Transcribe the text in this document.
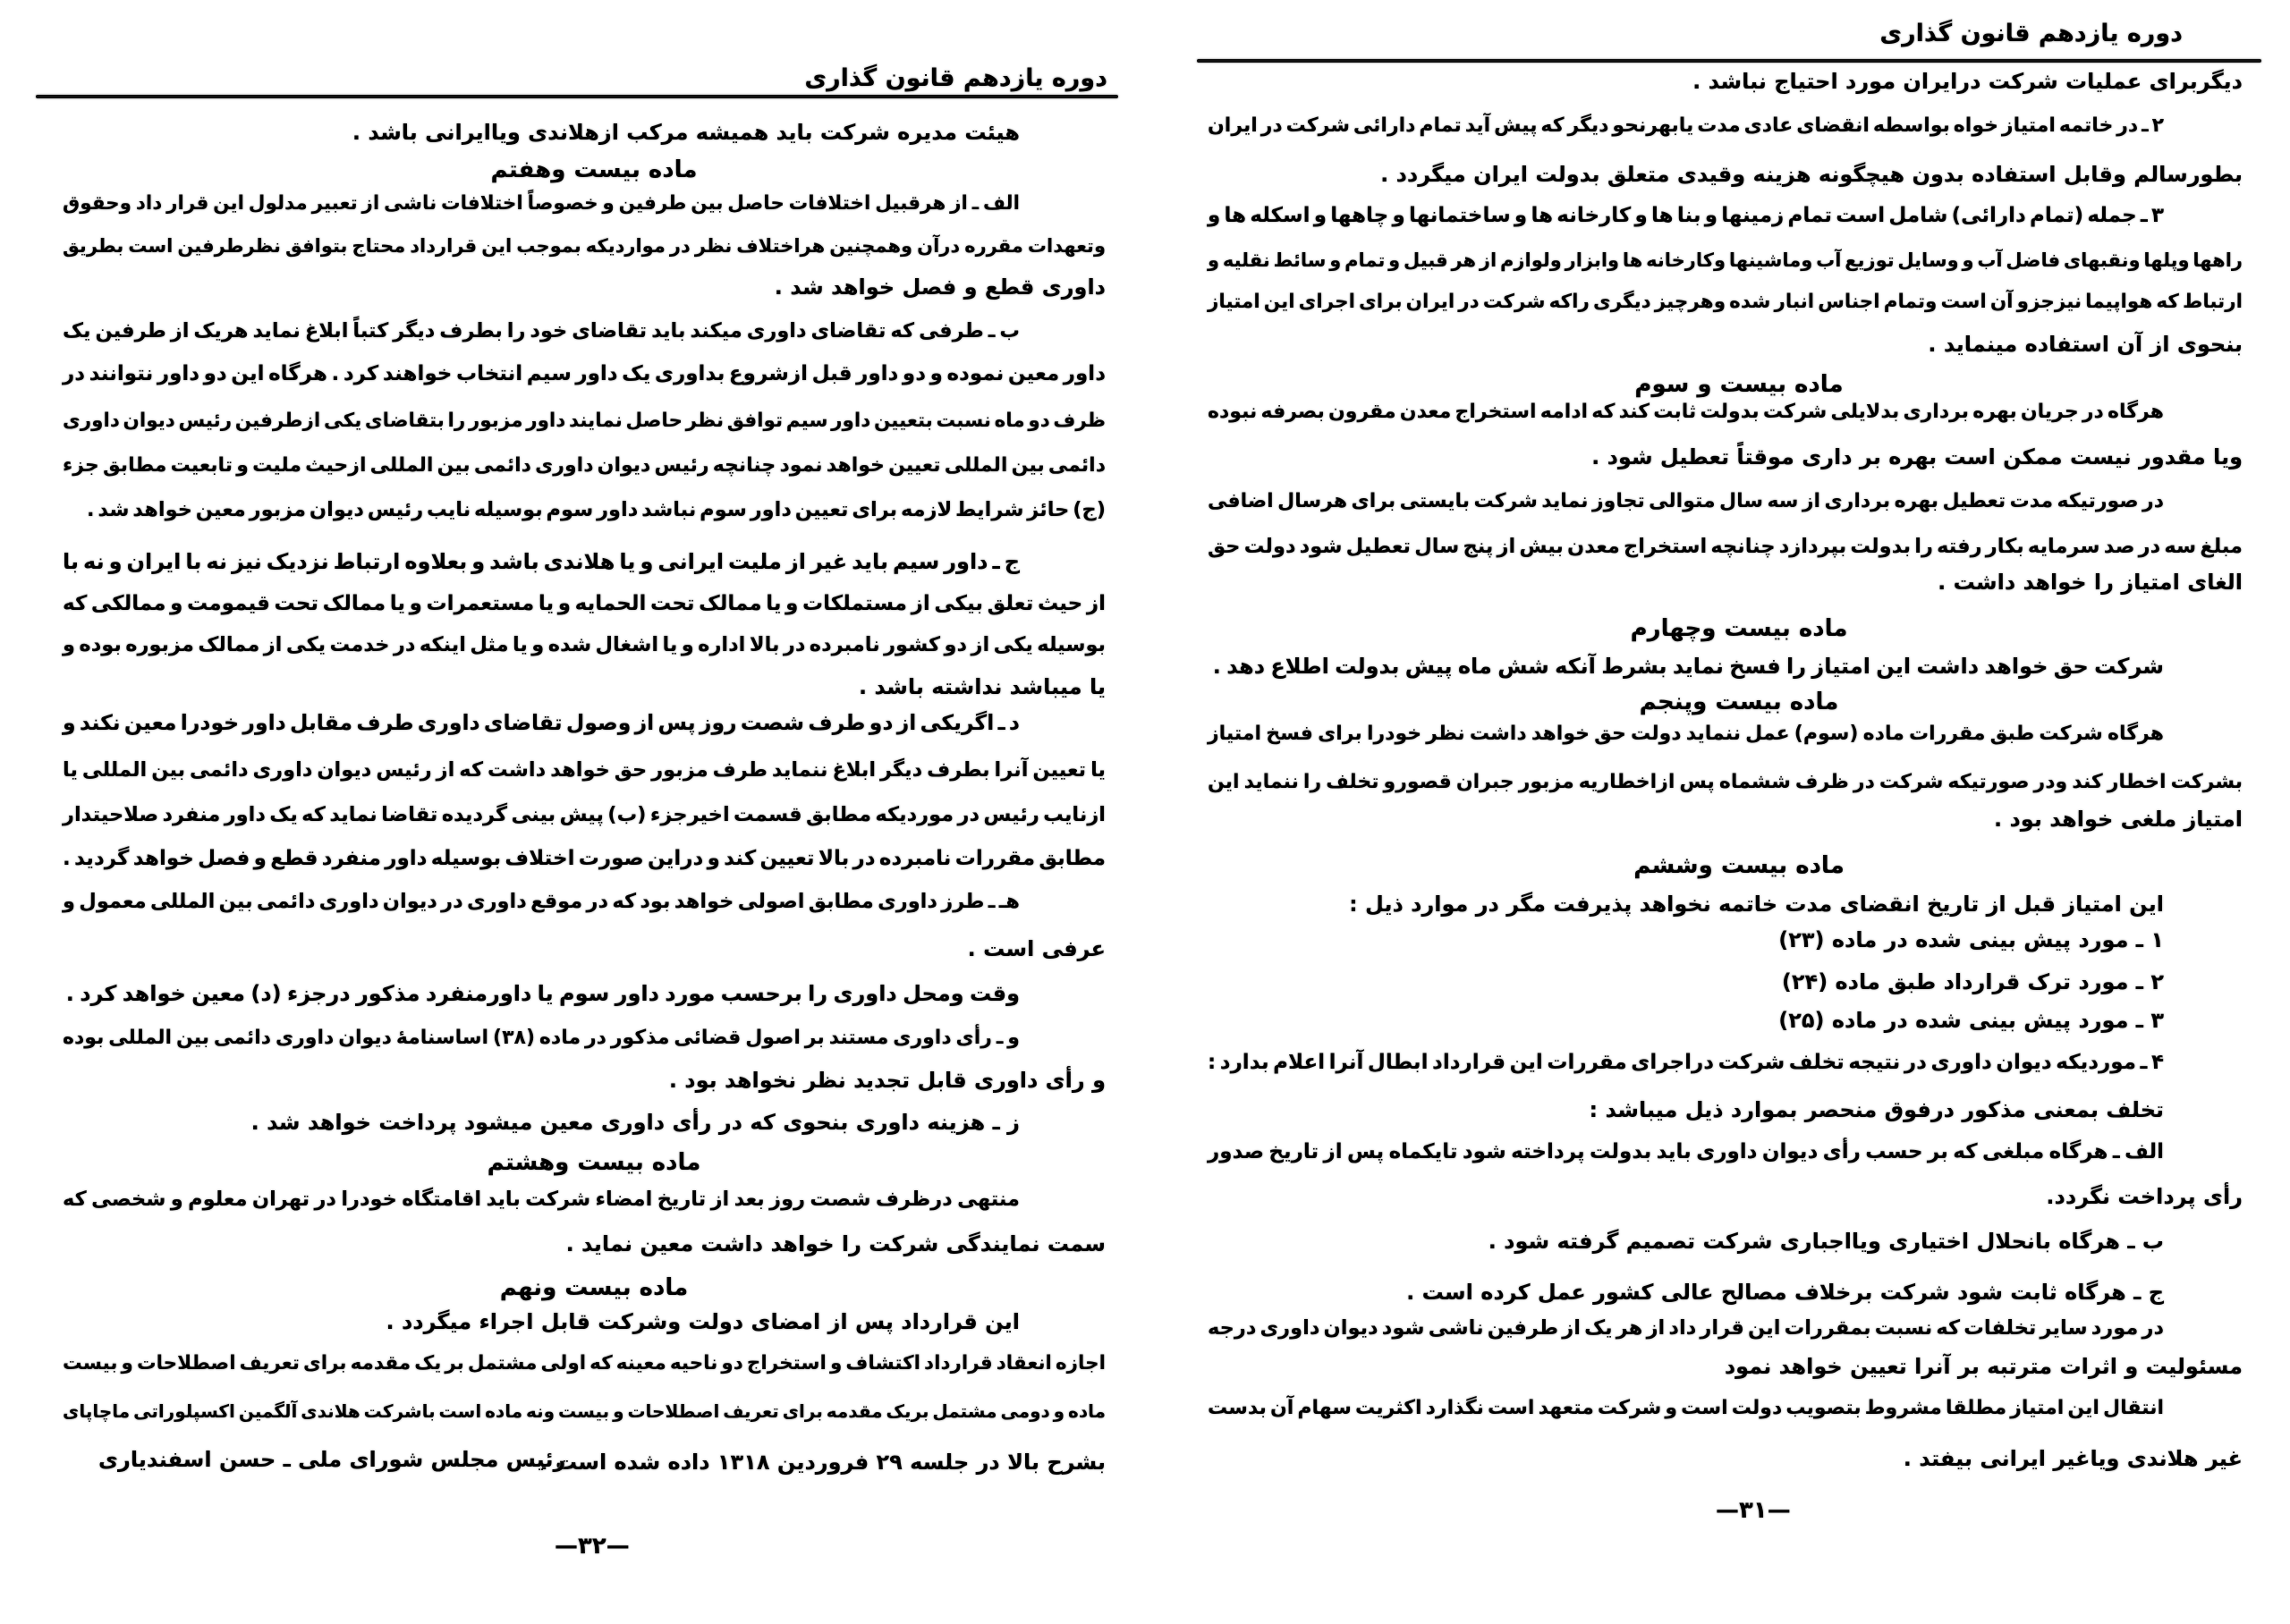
دوره یازدهم قانون گذاری
هیئت مدیره شرکت باید همیشه مرکب ازهلاندی ویاایرانی باشد .
ماده بیست وهفتم
الف ـ از هرقبیل اختلافات حاصل بین طرفین و خصوصاً اختلافات ناشی از تعبیر مدلول این قرار داد وحقوق
وتعهدات مقرره درآن وهمچنین هراختلاف نظر در مواردیکه بموجب این قرارداد محتاج بتوافق نظرطرفین است بطریق
داوری قطع و فصل خواهد شد .
ب ـ طرفی که تقاضای داوری میکند باید تقاضای خود را بطرف دیگر کتباً ابلاغ نماید هریک از طرفین یک
داور معین نموده و دو داور قبل ازشروع بداوری یک داور سیم انتخاب خواهند کرد . هرگاه این دو داور نتوانند در
ظرف دو ماه نسبت بتعیین داور سیم توافق نظر حاصل نمایند داور مزبور را بتقاضای یکی ازطرفین رئیس دیوان داوری
دائمی بین المللی تعیین خواهد نمود چنانچه رئیس دیوان داوری دائمی بین المللی ازحیث ملیت و تابعیت مطابق جزء
(ج) حائز شرایط لازمه برای تعیین داور سوم نباشد داور سوم بوسیله نایب رئیس دیوان مزبور معین خواهد شد .
ج ـ داور سیم باید غیر از ملیت ایرانی و یا هلاندی باشد و بعلاوه ارتباط نزدیک نیز نه با ایران و نه با
از حیث تعلق بیکی از مستملکات و یا ممالک تحت الحمایه و یا مستعمرات و یا ممالک تحت قیمومت و ممالکی که
بوسیله یکی از دو کشور نامبرده در بالا اداره و یا اشغال شده و یا مثل اینکه در خدمت یکی از ممالک مزبوره بوده و
یا میباشد نداشته باشد .
د ـ اگریکی از دو طرف شصت روز پس از وصول تقاضای داوری طرف مقابل داور خودرا معین نکند و
یا تعیین آنرا بطرف دیگر ابلاغ ننماید طرف مزبور حق خواهد داشت که از رئیس دیوان داوری دائمی بین المللی یا
ازنایب رئیس در موردیکه مطابق قسمت اخیرجزء (ب) پیش بینی گردیده تقاضا نماید که یک داور منفرد صلاحیتدار
مطابق مقررات نامبرده در بالا تعیین کند و دراین صورت اختلاف بوسیله داور منفرد قطع و فصل خواهد گردید .
هـ ـ طرز داوری مطابق اصولی خواهد بود که در موقع داوری در دیوان داوری دائمی بین المللی معمول و
عرفی است .
وقت ومحل داوری را برحسب مورد داور سوم یا داورمنفرد مذکور درجزء (د) معین خواهد کرد .
و ـ رأی داوری مستند بر اصول قضائی مذکور در ماده (۳۸) اساسنامهٔ دیوان داوری دائمی بین المللی بوده
و رأی داوری قابل تجدید نظر نخواهد بود .
ز ـ هزینه داوری بنحوی که در رأی داوری معین میشود پرداخت خواهد شد .
ماده بیست وهشتم
منتهی درظرف شصت روز بعد از تاریخ امضاء شرکت باید اقامتگاه خودرا در تهران معلوم و شخصی که
سمت نمایندگی شرکت را خواهد داشت معین نماید .
ماده بیست ونهم
این قرارداد پس از امضای دولت وشرکت قابل اجراء میگردد .
اجازه انعقاد قرارداد اکتشاف و استخراج دو ناحیه معینه که اولی مشتمل بر یک مقدمه برای تعریف اصطلاحات و بیست
ماده و دومی مشتمل بریک مقدمه برای تعریف اصطلاحات و بیست ونه ماده است باشرکت هلاندی آلگمین اکسپلوراتی ماچاپای
بشرح بالا در جلسه ۲۹ فروردین ۱۳۱۸ داده شده است .
رئیس مجلس شورای ملی ـ حسن اسفندیاری
—۳۲—
دوره یازدهم قانون گذاری
دیگربرای عملیات شرکت درایران مورد احتیاج نباشد .
۲ ـ در خاتمه امتیاز خواه بواسطه انقضای عادی مدت یابهرنحو دیگر که پیش آید تمام دارائی شرکت در ایران
بطورسالم وقابل استفاده بدون هیچگونه هزینه وقیدی متعلق بدولت ایران میگردد .
۳ ـ جمله (تمام دارائی) شامل است تمام زمینها و بنا ها و کارخانه ها و ساختمانها و چاهها و اسکله ها و
راهها وپلها ونقبهای فاضل آب و وسایل توزیع آب وماشینها وکارخانه ها وابزار ولوازم از هر قبیل و تمام و سائط نقلیه و
ارتباط که هواپیما نیزجزو آن است وتمام اجناس انبار شده وهرچیز دیگری راکه شرکت در ایران برای اجرای این امتیاز
بنحوی از آن استفاده مینماید .
ماده بیست و سوم
هرگاه در جریان بهره برداری بدلایلی شرکت بدولت ثابت کند که ادامه استخراج معدن مقرون بصرفه نبوده
ویا مقدور نیست ممکن است بهره بر داری موقتاً تعطیل شود .
در صورتیکه مدت تعطیل بهره برداری از سه سال متوالی تجاوز نماید شرکت بایستی برای هرسال اضافی
مبلغ سه در صد سرمایه بکار رفته را بدولت بپردازد چنانچه استخراج معدن بیش از پنج سال تعطیل شود دولت حق
الغای امتیاز را خواهد داشت .
ماده بیست وچهارم
شرکت حق خواهد داشت این امتیاز را فسخ نماید بشرط آنکه شش ماه پیش بدولت اطلاع دهد .
ماده بیست وپنجم
هرگاه شرکت طبق مقررات ماده (سوم) عمل ننماید دولت حق خواهد داشت نظر خودرا برای فسخ امتیاز
بشرکت اخطار کند ودر صورتیکه شرکت در ظرف ششماه پس ازاخطاریه مزبور جبران قصورو تخلف را ننماید این
امتیاز ملغی خواهد بود .
ماده بیست وششم
این امتیاز قبل از تاریخ انقضای مدت خاتمه نخواهد پذیرفت مگر در موارد ذیل :
۱ ـ مورد پیش بینی شده در ماده (۲۳)
۲ ـ مورد ترک قرارداد طبق ماده (۲۴)
۳ ـ مورد پیش بینی شده در ماده (۲۵)
۴ ـ موردیکه دیوان داوری در نتیجه تخلف شرکت دراجرای مقررات این قرارداد ابطال آنرا اعلام بدارد :
تخلف بمعنی مذکور درفوق منحصر بموارد ذیل میباشد :
الف ـ هرگاه مبلغی که بر حسب رأی دیوان داوری باید بدولت پرداخته شود تایکماه پس از تاریخ صدور
رأی پرداخت نگردد.
ب ـ هرگاه بانحلال اختیاری ویااجباری شرکت تصمیم گرفته شود .
ج ـ هرگاه ثابت شود شرکت برخلاف مصالح عالی کشور عمل کرده است .
در مورد سایر تخلفات که نسبت بمقررات این قرار داد از هر یک از طرفین ناشی شود دیوان داوری درجه
مسئولیت و اثرات مترتبه بر آنرا تعیین خواهد نمود
انتقال این امتیاز مطلقا مشروط بتصویب دولت است و شرکت متعهد است نگذارد اکثریت سهام آن بدست
غیر هلاندی ویاغیر ایرانی بیفتد .
—۳۱—
